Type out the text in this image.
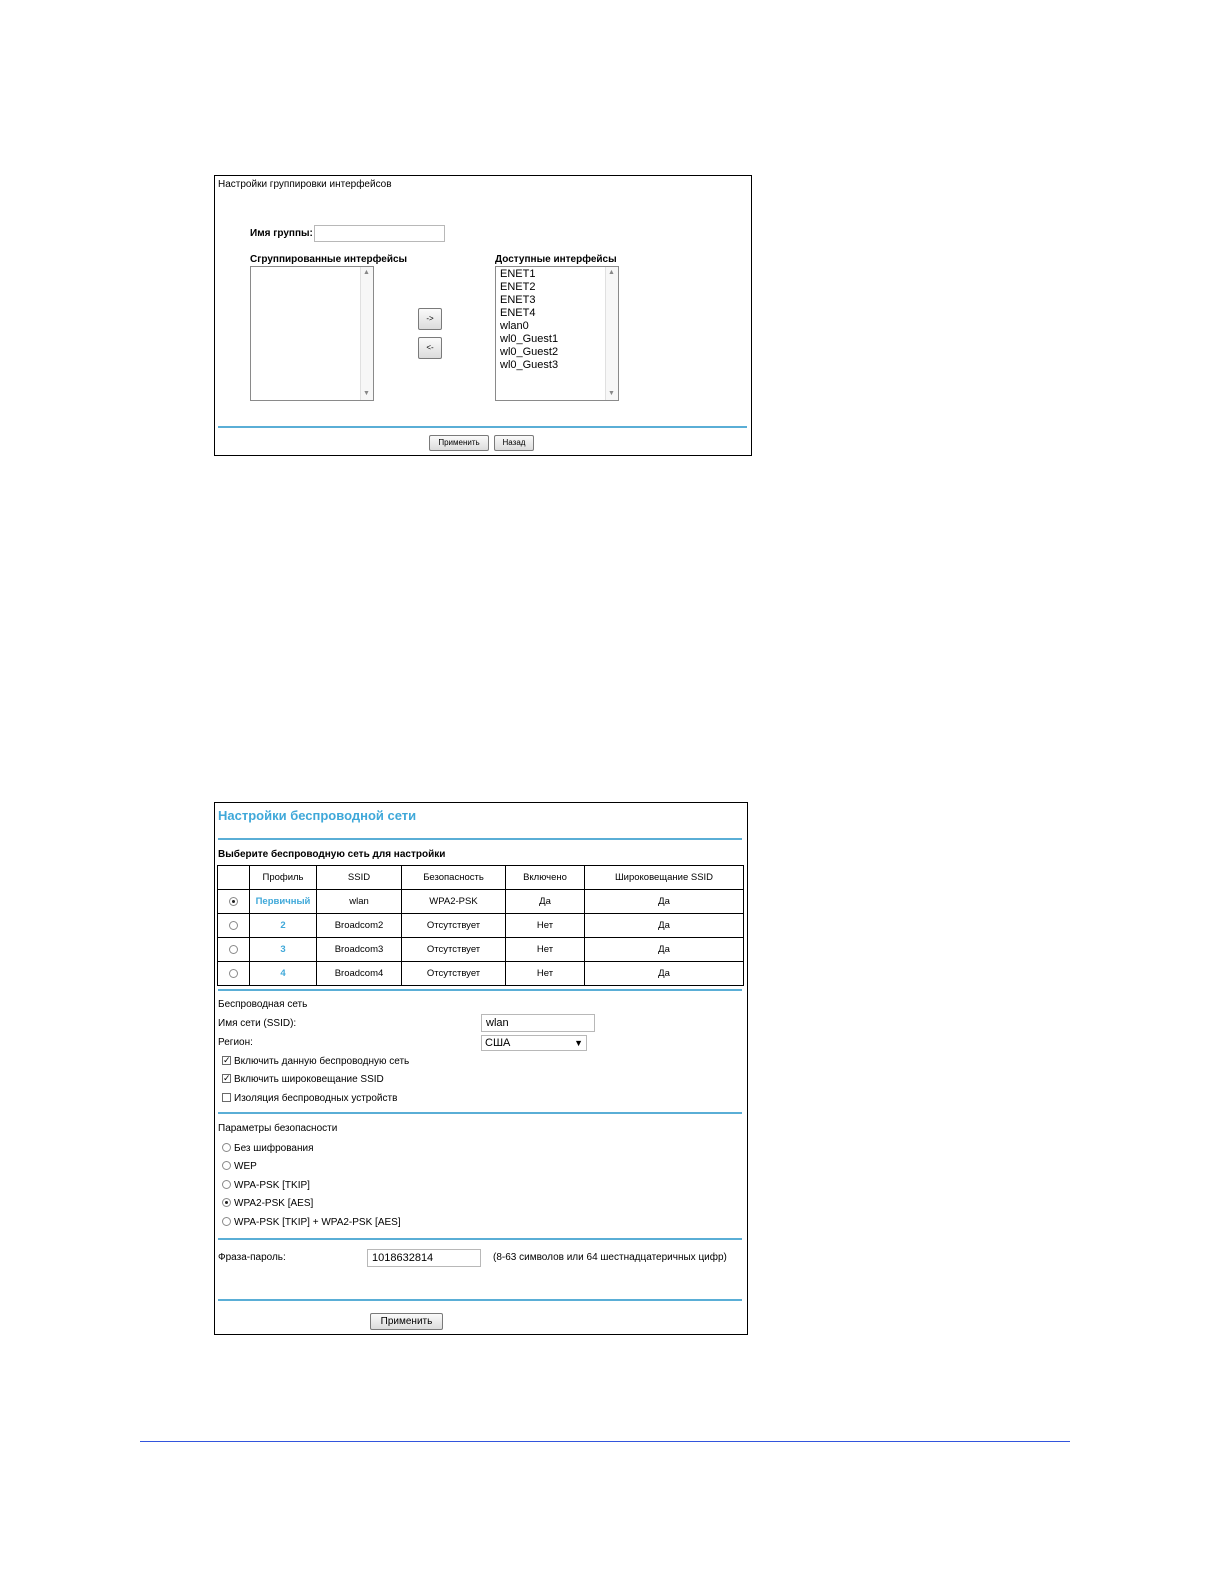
Настройки группировки интерфейсов
Имя группы:
Сгруппированные интерфейсы
▲
▼
->
<-
Доступные интерфейсы
ENET1
ENET2
ENET3
ENET4
wlan0
wl0_Guest1
wl0_Guest2
wl0_Guest3
▲
▼
Применить	Назад
Настройки беспроводной сети
Выберите беспроводную сеть для настройки
	Профиль	SSID	Безопасность	Включено	Широковещание SSID
	Первичный	wlan	WPA2-PSK	Да	Да
	2	Broadcom2	Отсутствует	Нет	Да
	3	Broadcom3	Отсутствует	Нет	Да
	4	Broadcom4	Отсутствует	Нет	Да
Беспроводная сеть
Имя сети (SSID):	wlan
Регион:	США	▼
✓ Включить данную беспроводную сеть
✓ Включить широковещание SSID
Изоляция беспроводных устройств
Параметры безопасности
Без шифрования
WEP
WPA-PSK [TKIP]
WPA2-PSK [AES]
WPA-PSK [TKIP] + WPA2-PSK [AES]
Фраза-пароль:	1018632814	(8-63 символов или 64 шестнадцатеричных цифр)
Применить
